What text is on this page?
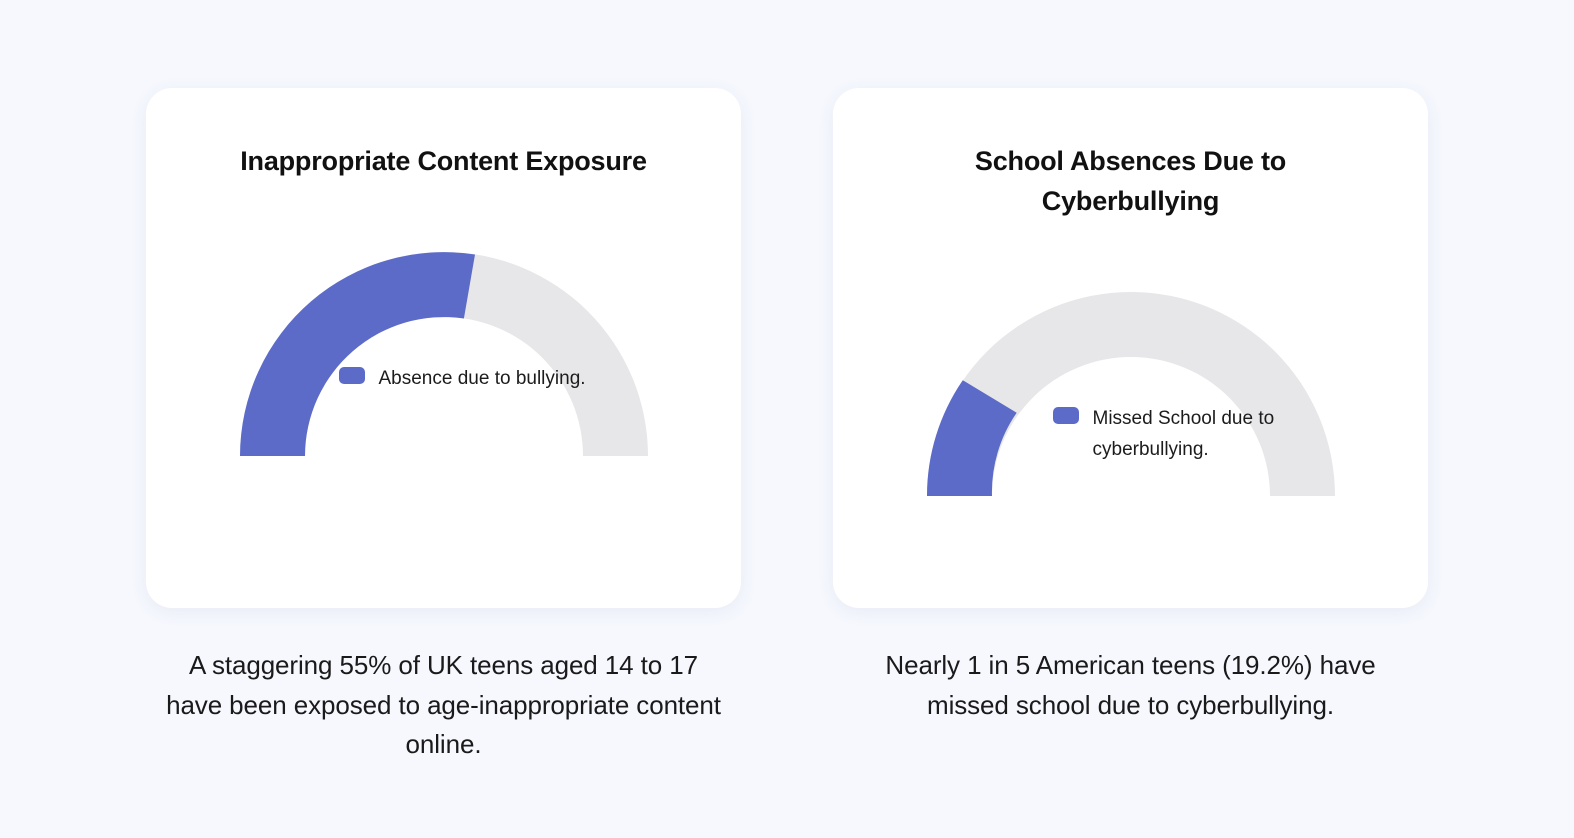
Inappropriate Content Exposure
Absence due to bullying.
A staggering 55% of UK teens aged 14 to 17 have been exposed to age-inappropriate content online.
School Absences Due to Cyberbullying
Missed School due to cyberbullying.
Nearly 1 in 5 American teens (19.2%) have missed school due to cyberbullying.
